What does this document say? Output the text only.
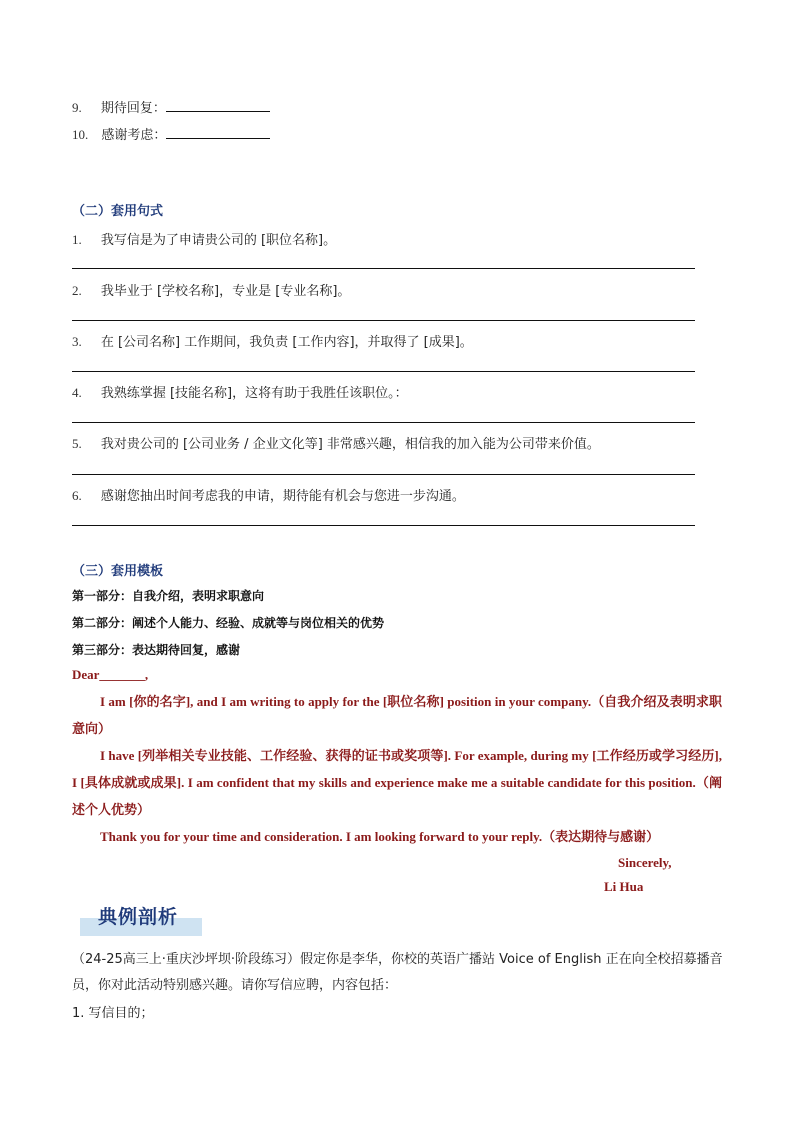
9. 期待回复：
10. 感谢考虑：
（二）套用句式
1. 我写信是为了申请贵公司的 [职位名称]。
2. 我毕业于 [学校名称]，专业是 [专业名称]。
3. 在 [公司名称] 工作期间，我负责 [工作内容]，并取得了 [成果]。
4. 我熟练掌握 [技能名称]，这将有助于我胜任该职位。：
5. 我对贵公司的 [公司业务 / 企业文化等] 非常感兴趣，相信我的加入能为公司带来价值。
6. 感谢您抽出时间考虑我的申请，期待能有机会与您进一步沟通。
（三）套用模板
第一部分：自我介绍，表明求职意向
第二部分：阐述个人能力、经验、成就等与岗位相关的优势
第三部分：表达期待回复，感谢
Dear_______,
I am [你的名字], and I am writing to apply for the [职位名称] position in your company.（自我介绍及表明求职意向）
I have [列举相关专业技能、工作经验、获得的证书或奖项等]. For example, during my [工作经历或学习经历], I [具体成就或成果]. I am confident that my skills and experience make me a suitable candidate for this position.（阐述个人优势）
Thank you for your time and consideration. I am looking forward to your reply.（表达期待与感谢）
Sincerely,
Li Hua
典例剖析
（24-25高三上·重庆沙坪坝·阶段练习）假定你是李华，你校的英语广播站 Voice of English 正在向全校招募播音员，你对此活动特别感兴趣。请你写信应聘，内容包括：
1. 写信目的；
